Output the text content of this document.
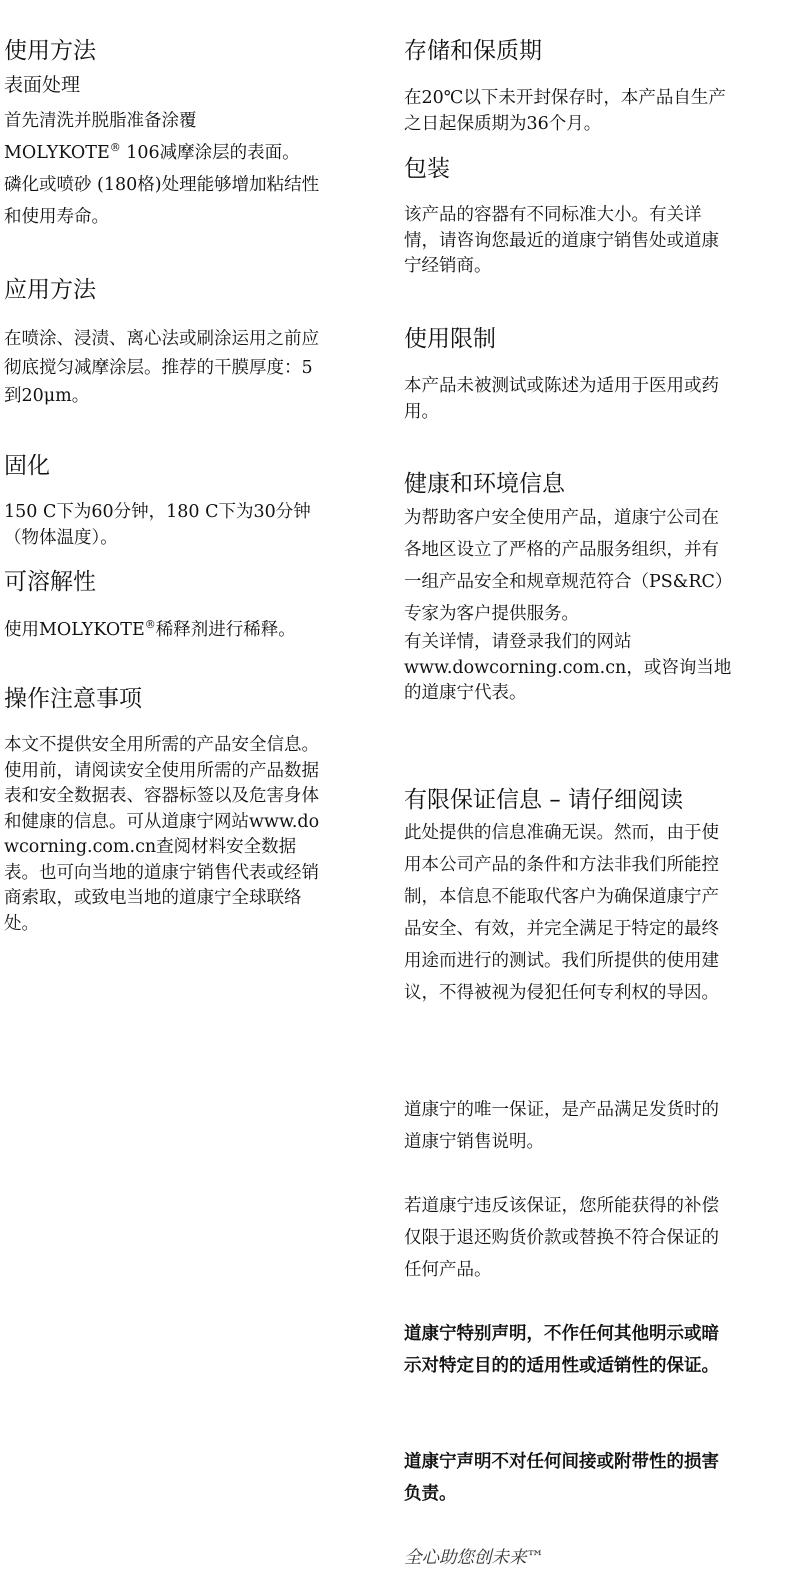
使用方法
表面处理
首先清洗并脱脂准备涂覆
MOLYKOTE® 106减摩涂层的表面。
磷化或喷砂 (180格)处理能够增加粘结性和使用寿命。
应用方法
在喷涂、浸渍、离心法或刷涂运用之前应彻底搅匀减摩涂层。推荐的干膜厚度：5 到20μm。
固化
150 C下为60分钟，180 C下为30分钟（物体温度）。
可溶解性
使用MOLYKOTE®稀释剂进行稀释。
操作注意事项
本文不提供安全用所需的产品安全信息。使用前，请阅读安全使用所需的产品数据表和安全数据表、容器标签以及危害身体和健康的信息。可从道康宁网站www.dowcorning.com.cn查阅材料安全数据表。也可向当地的道康宁销售代表或经销商索取，或致电当地的道康宁全球联络处。
存储和保质期
在20℃以下未开封保存时，本产品自生产之日起保质期为36个月。
包装
该产品的容器有不同标准大小。有关详情，请咨询您最近的道康宁销售处或道康宁经销商。
使用限制
本产品未被测试或陈述为适用于医用或药用。
健康和环境信息
为帮助客户安全使用产品，道康宁公司在各地区设立了严格的产品服务组织，并有一组产品安全和规章规范符合（PS&RC）专家为客户提供服务。
有关详情，请登录我们的网站
www.dowcorning.com.cn，或咨询当地的道康宁代表。
有限保证信息 – 请仔细阅读
此处提供的信息准确无误。然而，由于使用本公司产品的条件和方法非我们所能控制，本信息不能取代客户为确保道康宁产品安全、有效，并完全满足于特定的最终用途而进行的测试。我们所提供的使用建议，不得被视为侵犯任何专利权的导因。
道康宁的唯一保证，是产品满足发货时的道康宁销售说明。
若道康宁违反该保证，您所能获得的补偿仅限于退还购货价款或替换不符合保证的任何产品。
道康宁特别声明，不作任何其他明示或暗示对特定目的的适用性或适销性的保证。
道康宁声明不对任何间接或附带性的损害负责。
全心助您创未来™
